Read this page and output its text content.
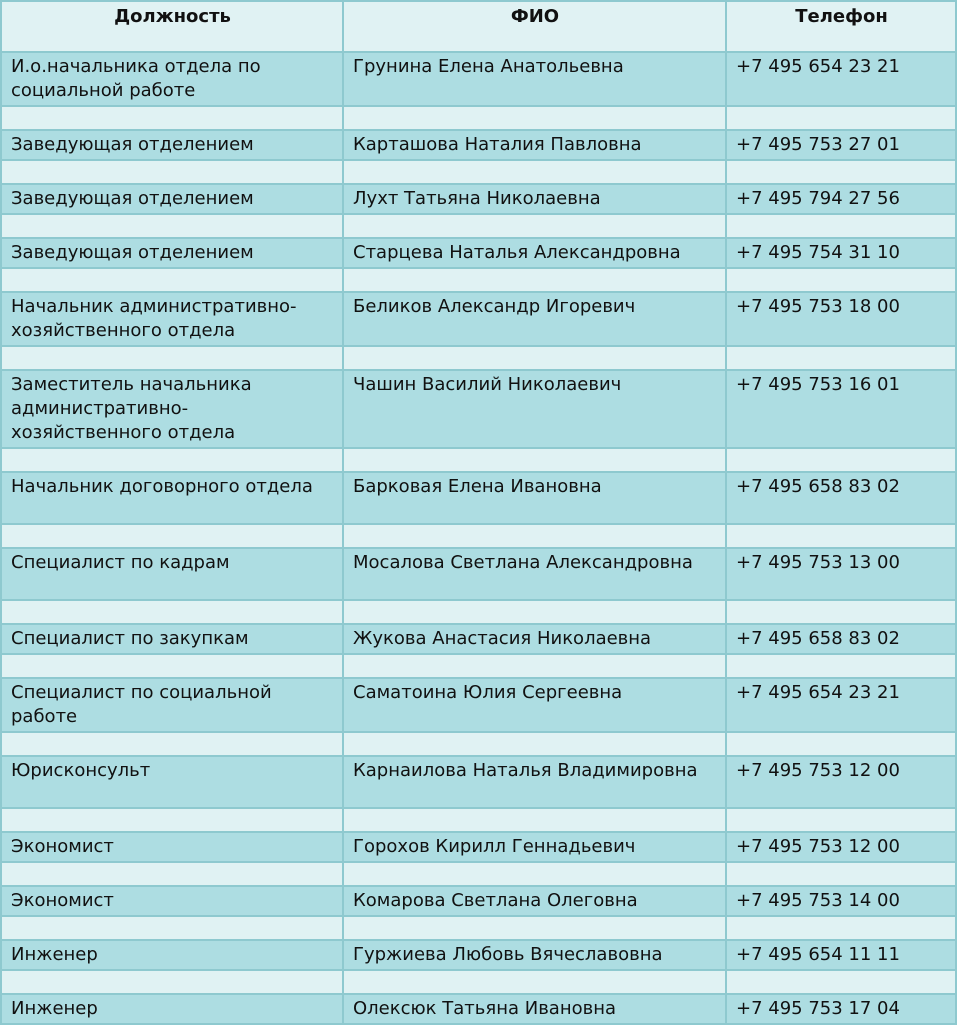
Должность	ФИО	Телефон
И.о.начальника отдела по социальной работе	Грунина Елена Анатольевна	+7 495 654 23 21

Заведующая отделением	Карташова Наталия Павловна	+7 495 753 27 01

Заведующая отделением	Лухт Татьяна Николаевна	+7 495 794 27 56

Заведующая отделением	Старцева Наталья Александровна	+7 495 754 31 10

Начальник административно-хозяйственного отдела	Беликов Александр Игоревич	+7 495 753 18 00

Заместитель начальника административно-хозяйственного отдела	Чашин Василий Николаевич	+7 495 753 16 01

Начальник договорного отдела	Барковая Елена Ивановна	+7 495 658 83 02

Специалист по кадрам	Мосалова Светлана Александровна	+7 495 753 13 00

Специалист по закупкам	Жукова Анастасия Николаевна	+7 495 658 83 02

Специалист по социальной работе	Саматоина Юлия Сергеевна	+7 495 654 23 21

Юрисконсульт	Карнаилова Наталья Владимировна	+7 495 753 12 00

Экономист	Горохов Кирилл Геннадьевич	+7 495 753 12 00

Экономист	Комарова Светлана Олеговна	+7 495 753 14 00

Инженер	Гуржиева Любовь Вячеславовна	+7 495 654 11 11

Инженер	Олексюк Татьяна Ивановна	+7 495 753 17 04
